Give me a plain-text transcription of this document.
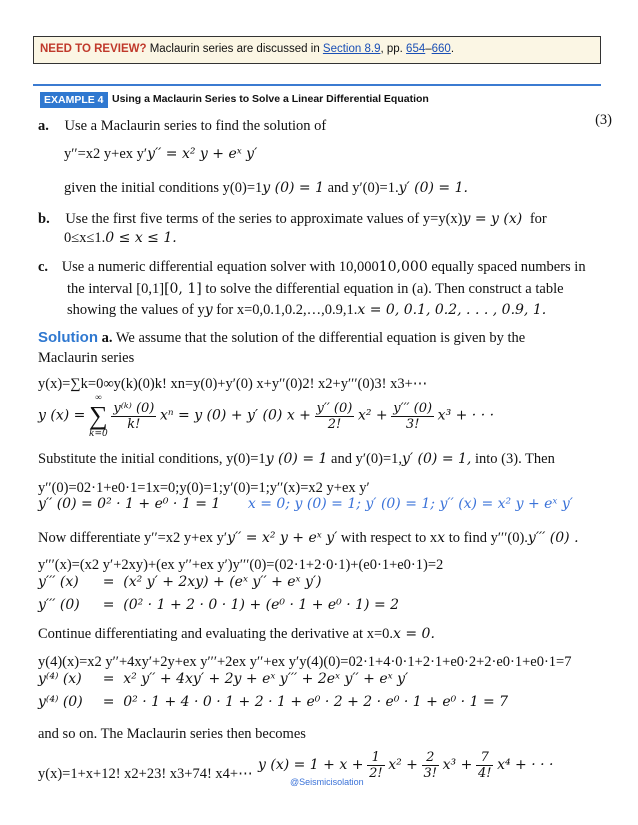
NEED TO REVIEW? Maclaurin series are discussed in Section 8.9, pp. 654–660.
EXAMPLE 4 Using a Maclaurin Series to Solve a Linear Differential Equation
(3)
a. Use a Maclaurin series to find the solution of
y′′=x2 y+ex y′y′′ = x² y + eˣ y′
given the initial conditions y(0)=1y (0) = 1 and y′(0)=1.y′ (0) = 1.
b. Use the first five terms of the series to approximate values of y=y(x)y = y (x) for
0≤x≤1.0 ≤ x ≤ 1.
c. Use a numeric differential equation solver with 10,00010,000 equally spaced numbers in
the interval [0,1][0, 1] to solve the differential equation in (a). Then construct a table
showing the values of yy for x=0,0.1,0.2,…,0.9,1.x = 0, 0.1, 0.2, . . . , 0.9, 1.
Solution a. We assume that the solution of the differential equation is given by the
Maclaurin series
y(x)=∑k=0∞y(k)(0)k! xn=y(0)+y′(0) x+y′′(0)2! x2+y′′′(0)3! x3+⋯
y (x) =
∞
∑
k=0

$\frac{\text{y⁽ᵏ⁾ (0)}}{k!}$ xⁿ = y (0) + y′ (0) $x + \frac{y'' (0)}{2!} x^2 + \frac{y''' (0)}{3!} x^3$ + · · ·
Substitute the initial conditions, y(0)=1y (0) = 1 and y′(0)=1,y′ (0) = 1, into (3). Then
y′′(0)=02·1+e0·1=1x=0;y(0)=1;y′(0)=1;y′′(x)=x2 y+ex y′
y′′ (0) = 0² · 1 + e⁰ · 1 = 1 x = 0; y (0) = 1; y′ (0) = 1; y′′ (x) = x² y + eˣ y′
Now differentiate y′′=x2 y+ex y′y′′ = x² y + eˣ y′ with respect to xx to find y′′′(0).y′′′ (0) .
y′′′(x)=(x2 y′+2xy)+(ex y′′+ex y′)y′′′(0)=(02·1+2·0·1)+(e0·1+e0·1)=2
y′′′ (x) = (x² y′ + 2xy) + (eˣ y′′ + eˣ y′)
y′′′ (0) = (0² · 1 + 2 · 0 · 1) + (e⁰ · 1 + e⁰ · 1) = 2
Continue differentiating and evaluating the derivative at x=0.x = 0.
y(4)(x)=x2 y′′+4xy′+2y+ex y′′′+2ex y′′+ex y′y(4)(0)=02·1+4·0·1+2·1+e0·2+2·e0·1+e0·1=7
y⁽⁴⁾ (x) = x² y′′ + 4xy′ + 2y + eˣ y′′′ + 2eˣ y′′ + eˣ y′
y⁽⁴⁾ (0) = 0² · 1 + 4 · 0 · 1 + 2 · 1 + e⁰ · 2 + 2 · e⁰ · 1 + e⁰ · 1 = 7
and so on. The Maclaurin series then becomes
y(x)=1+x+12! x2+23! x3+74! x4+⋯
y $(x) = 1 + x + \frac{1}{2!} x^2 + \frac{2}{3!} x^3 + \frac{7}{4!} x^4$ + · · ·
@Seismicisolation
